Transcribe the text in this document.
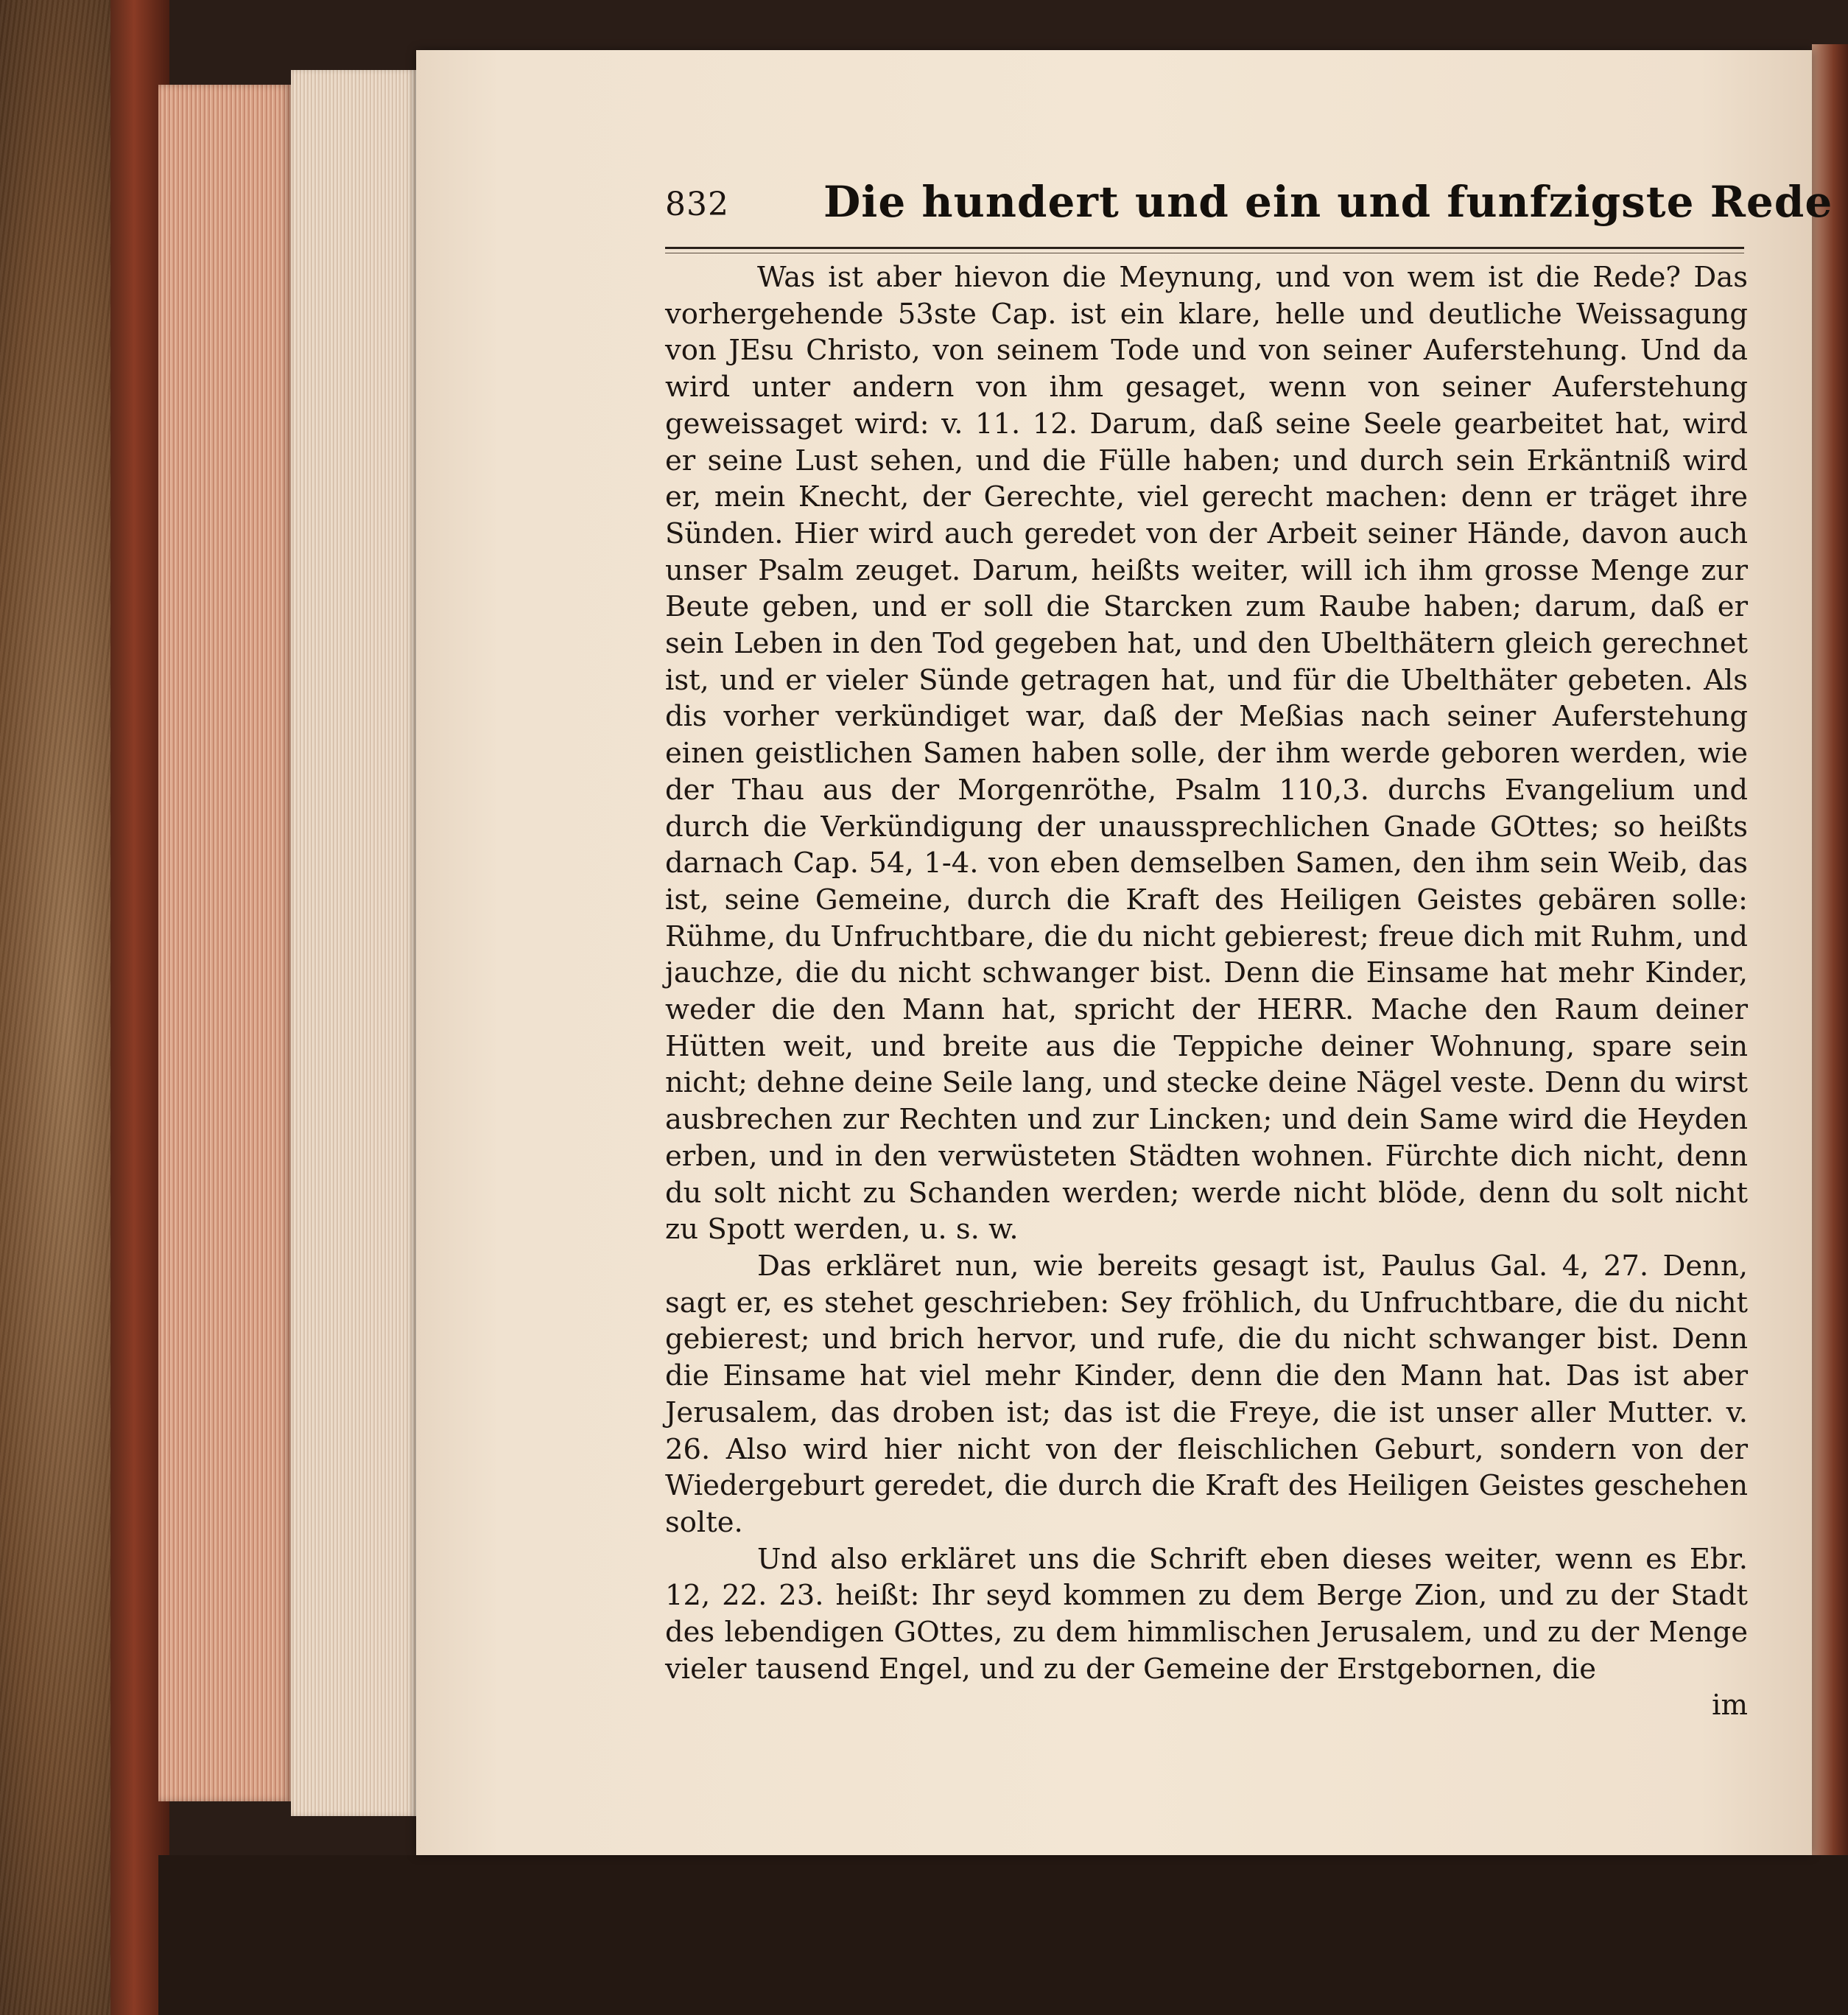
832 Die hundert und ein und funfzigste Rede

Was ist aber hievon die Meynung, und von wem ist die Rede? Das vorhergehende 53ste Cap. ist ein klare, helle und deutliche Weissagung von JEsu Christo, von seinem Tode und von seiner Auferstehung. Und da wird unter andern von ihm gesaget, wenn von seiner Auferstehung geweissaget wird: v. 11. 12. Darum, daß seine Seele gearbeitet hat, wird er seine Lust sehen, und die Fülle haben; und durch sein Erkäntniß wird er, mein Knecht, der Gerechte, viel gerecht machen: denn er träget ihre Sünden. Hier wird auch geredet von der Arbeit seiner Hände, davon auch unser Psalm zeuget. Darum, heißts weiter, will ich ihm grosse Menge zur Beute geben, und er soll die Starcken zum Raube haben; darum, daß er sein Leben in den Tod gegeben hat, und den Ubelthätern gleich gerechnet ist, und er vieler Sünde getragen hat, und für die Ubelthäter gebeten. Als dis vorher verkündiget war, daß der Meßias nach seiner Auferstehung einen geistlichen Samen haben solle, der ihm werde geboren werden, wie der Thau aus der Morgenröthe, Psalm 110,3. durchs Evangelium und durch die Verkündigung der unaussprechlichen Gnade GOttes; so heißts darnach Cap. 54, 1-4. von eben demselben Samen, den ihm sein Weib, das ist, seine Gemeine, durch die Kraft des Heiligen Geistes gebären solle: Rühme, du Unfruchtbare, die du nicht gebierest; freue dich mit Ruhm, und jauchze, die du nicht schwanger bist. Denn die Einsame hat mehr Kinder, weder die den Mann hat, spricht der HERR. Mache den Raum deiner Hütten weit, und breite aus die Teppiche deiner Wohnung, spare sein nicht; dehne deine Seile lang, und stecke deine Nägel veste. Denn du wirst ausbrechen zur Rechten und zur Lincken; und dein Same wird die Heyden erben, und in den verwüsteten Städten wohnen. Fürchte dich nicht, denn du solt nicht zu Schanden werden; werde nicht blöde, denn du solt nicht zu Spott werden, u. s. w.

Das erkläret nun, wie bereits gesagt ist, Paulus Gal. 4, 27. Denn, sagt er, es stehet geschrieben: Sey fröhlich, du Unfruchtbare, die du nicht gebierest; und brich hervor, und rufe, die du nicht schwanger bist. Denn die Einsame hat viel mehr Kinder, denn die den Mann hat. Das ist aber Jerusalem, das droben ist; das ist die Freye, die ist unser aller Mutter. v. 26. Also wird hier nicht von der fleischlichen Geburt, sondern von der Wiedergeburt geredet, die durch die Kraft des Heiligen Geistes geschehen solte.

Und also erkläret uns die Schrift eben dieses weiter, wenn es Ebr. 12, 22. 23. heißt: Ihr seyd kommen zu dem Berge Zion, und zu der Stadt des lebendigen GOttes, zu dem himmlischen Jerusalem, und zu der Menge vieler tausend Engel, und zu der Gemeine der Erstgebornen, die

im
